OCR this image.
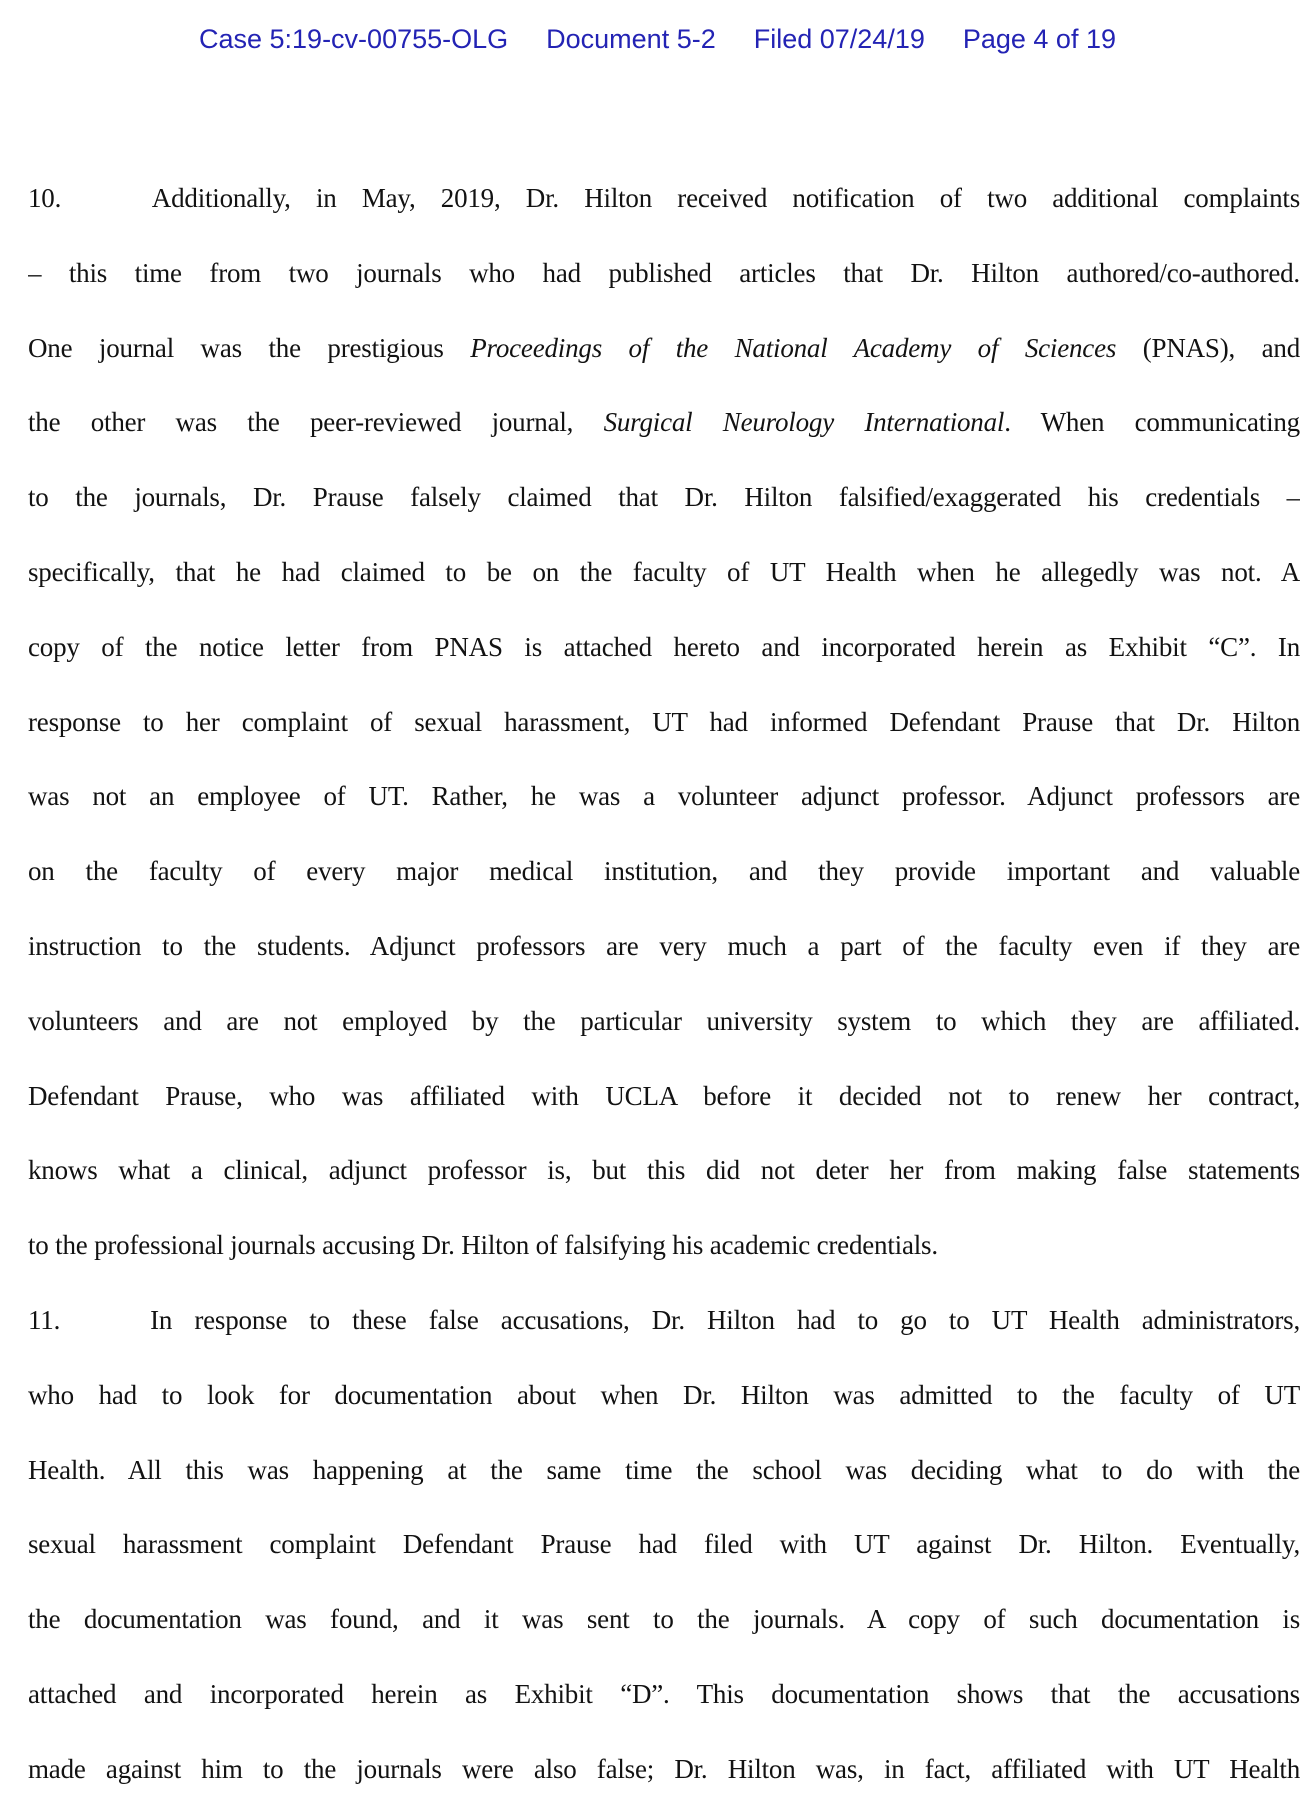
Case 5:19-cv-00755-OLG Document 5-2 Filed 07/24/19 Page 4 of 19
10.	Additionally, in May, 2019, Dr. Hilton received notification of two additional complaints
– this time from two journals who had published articles that Dr. Hilton authored/co-authored.
One journal was the prestigious Proceedings of the National Academy of Sciences (PNAS), and
the other was the peer-reviewed journal, Surgical Neurology International. When communicating
to the journals, Dr. Prause falsely claimed that Dr. Hilton falsified/exaggerated his credentials –
specifically, that he had claimed to be on the faculty of UT Health when he allegedly was not. A
copy of the notice letter from PNAS is attached hereto and incorporated herein as Exhibit “C”. In
response to her complaint of sexual harassment, UT had informed Defendant Prause that Dr. Hilton
was not an employee of UT. Rather, he was a volunteer adjunct professor. Adjunct professors are
on the faculty of every major medical institution, and they provide important and valuable
instruction to the students. Adjunct professors are very much a part of the faculty even if they are
volunteers and are not employed by the particular university system to which they are affiliated.
Defendant Prause, who was affiliated with UCLA before it decided not to renew her contract,
knows what a clinical, adjunct professor is, but this did not deter her from making false statements
to the professional journals accusing Dr. Hilton of falsifying his academic credentials.
11.	In response to these false accusations, Dr. Hilton had to go to UT Health administrators,
who had to look for documentation about when Dr. Hilton was admitted to the faculty of UT
Health. All this was happening at the same time the school was deciding what to do with the
sexual harassment complaint Defendant Prause had filed with UT against Dr. Hilton. Eventually,
the documentation was found, and it was sent to the journals. A copy of such documentation is
attached and incorporated herein as Exhibit “D”. This documentation shows that the accusations
made against him to the journals were also false; Dr. Hilton was, in fact, affiliated with UT Health
